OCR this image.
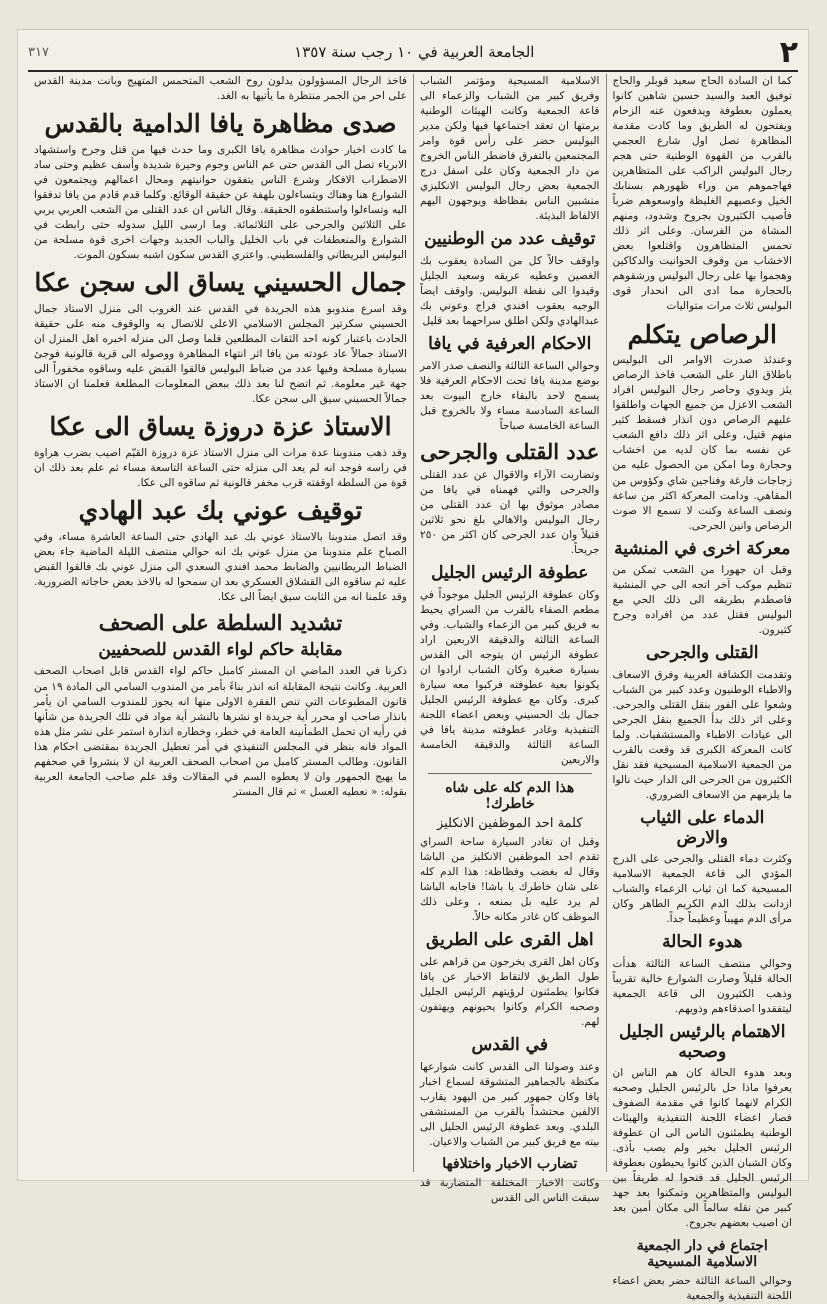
٢
الجامعة العربية في ١٠ رجب سنة ١٣٥٧
٣١٧

كما ان السادة الحاج سعيد قوبلر والحاج توفيق العبد والسيد حسين شاهين كانوا يعملون بعطوفة ويدفعون عنه الزحام ويفتحون له الطريق وما كادت مقدمة المظاهرة تصل اول شارع العجمي بالقرب من القهوة الوطنية حتى هجم رجال البوليس الراكب على المتظاهرين فهاجموهم من وراء ظهورهم بسنابك الخيل وعصيهم الغليظة واوسعوهم ضرباً فأصيب الكثيرون بجروح وشدود، ومنهم المشاة من الفرسان. وعلى اثر ذلك تحمس المتظاهرون واقتلعوا بعض الاخشاب من وقوف الحوانيت والدكاكين وهجموا بها على رجال البوليس ورشقوهم بالحجارة مما ادى الى انحدار قوى البوليس ثلاث مرات متواليات

الرصاص يتكلم

وعندئذ صدرت الاوامر الى البوليس باطلاق النار على الشعب فاخذ الرصاص يئز ويدوي وحاصر رجال البوليس افراد الشعب الاعزل من جميع الجهات واطلقوا عليهم الرصاص دون انذار فسقط كثير منهم قتيل، وعلى اثر ذلك دافع الشعب عن نفسه بما كان لديه من اخشاب وحجارة وما امكن من الحصول عليه من زجاجات فارغة وفناجين شاي وكؤوس من المقاهي. ودامت المعركة اكثر من ساعة ونصف الساعة وكنت لا تسمع الا صوت الرصاص وانين الجرحى.

معركة اخرى في المنشية

وقبل ان جهورا من الشعب تمكن من تنظيم موكب آخر اتجه الى حي المنشية فاصطدم بطريقه الى ذلك الحي مع البوليس فقتل عدد من افراده وجرح كثيرون.

القتلى والجرحى

وتقدمت الكشافة العربية وفرق الاسعاف والاطباء الوطنيون وعدد كبير من الشباب وشعوا على الفور بنقل القتلى والجرحى. وعلى اثر ذلك بدأ الجميع بنقل الجرحى الى عيادات الاطباء والمستشفيات. ولما كانت المعركة الكبرى قد وقعت بالقرب من الجمعية الاسلامية المسيحية فقد نقل الكثيرون من الجرحى الى الدار حيث نالوا ما يلزمهم من الاسعاف الضروري.

الدماء على الثياب والارض

وكثرت دماء القتلى والجرحى على الدرج المؤدي الى قاعة الجمعية الاسلامية المسيحية كما ان ثياب الزعماء والشباب ازدانت بذلك الدم الكريم الطاهر وكان مرأى الدم مهيباً وعظيماً جداً.

هدوء الحالة

وحوالي منتصف الساعة الثالثة هدأت الحالة قليلاً وصارت الشوارع خالية تقريباً وذهب الكثيرون الى قاعة الجمعية ليتفقدوا اصدقاءهم وذويهم.

الاهتمام بالرئيس الجليل وصحبه

وبعد هدوء الحالة كان هم الناس ان يعرفوا ماذا حل بالرئيس الجليل وصحبه الكرام لانهما كانوا في مقدمة الصفوف فصار اعضاء اللجنة التنفيذية والهيئات الوطنية يطمئنون الناس الى ان عطوفة الرئيس الجليل بخير ولم يصب بأذى. وكان الشبان الذين كانوا يحيطون بعطوفة الرئيس الجليل قد فتحوا له طريقاً بين البوليس والمتظاهرين وتمكنوا بعد جهد كبير من نقله سالماً الى مكان أمين بعد ان اصيب بعضهم بجروح.

اجتماع في دار الجمعية الاسلامية المسيحية

وحوالي الساعة الثالثة حضر بعض اعضاء اللجنة التنفيذية والجمعية

الاسلامية المسيحية ومؤتمر الشباب وفريق كبير من الشباب والزعماء الى قاعة الجمعية وكانت الهيئات الوطنية برمتها ان تعقد اجتماعها فيها ولكن مدير البوليس حضر على رأس قوة وامر المجتمعين بالتفرق فاضطر الناس الخروج من دار الجمعية وكان على اسفل درج الجمعية بعض رجال البوليس الانكليزي منشبين الناس بفظاظة ويوجهون اليهم الالفاظ البذيئة.

توقيف عدد من الوطنيين

واوقف حالاً كل من السادة يعقوب بك الغصين وعطيه عريقه وسعيد الجليل وقيدوا الى نقطة البوليس. واوقف ايضاً الوجيه يعقوب افندي فراج وعوني بك عبدالهادي ولكن اطلق سراحهما بعد قليل

الاحكام العرفية في يافا

وحوالي الساعة الثالثة والنصف صدر الامر بوضع مدينة يافا تحت الاحكام العرفية فلا يسمح لاحد بالبقاء خارج البيوت بعد الساعة السادسة مساء ولا بالخروج قبل الساعة الخامسة صباحاً

عدد القتلى والجرحى

وتضاربت الآراء والاقوال عن عدد القتلى والجرحى والتي فهمناه في يافا من مصادر موثوق بها ان عدد القتلى من رجال البوليس والاهالي بلغ نحو ثلاثين قتيلاً وان عدد الجرحى كان اكثر من ٢٥٠ جريحاً.

عطوفة الرئيس الجليل

وكان عطوفة الرئيس الجليل موجوداً في مطعم الصفاء بالقرب من السراي يحيط به فريق كبير من الزعماء والشباب. وفي الساعة الثالثة والدقيقة الاربعين اراد عطوفة الرئيس ان يتوجه الى القدس بسيارة صغيرة وكان الشباب ارادوا ان يكونوا بعية عطوفته فركبوا معه سيارة كبرى. وكان مع عطوفة الرئيس الجليل جمال بك الحسيني وبعض اعضاء اللجنة التنفيذية وغادر عطوفته مدينة يافا في الساعة الثالثة والدقيقة الخامسة والاربعين

هذا الدم كله على شاه خاطرك!
كلمة احد الموظفين الانكليز

وقبل ان تغادر السيارة ساحة السراي تقدم احد الموظفين الانكليز من الباشا وقال له بغضب وفظاظة: هذا الدم كله على شان خاطرك يا باشا! فاجابه الباشا لم يرد عليه بل بمنعه ، وعلى ذلك الموظف كان غادر مكانه حالاً.

اهل القرى على الطريق

وكان اهل القرى يخرجون من قراهم على طول الطريق لالتقاط الاخبار عن يافا فكانوا يطمئنون لرؤيتهم الرئيس الجليل وصحبه الكرام وكانوا يحيونهم ويهتفون لهم.

في القدس

وعند وصولنا الى القدس كانت شوارعها مكتظة بالجماهير المتشوقة لسماع اخبار يافا وكان جمهور كبير من اليهود يقارب الالفين محتشداً بالقرب من المستشفى البلدي. وبعد عطوفة الرئيس الجليل الى بيته مع فريق كبير من الشباب والاعيان.

تضارب الاخبار واختلافها

وكانت الاخبار المختلفة المتضاربة قد سبقت الناس الى القدس

فاخذ الرجال المسؤولون يدلون روح الشعب المتحمس المتهيج وبانت مدينة القدس على احر من الجمر منتظرة ما يأتيها به الغد.

صدى مظاهرة يافا الدامية بالقدس

ما كادت اخبار حوادث مظاهرة يافا الكبرى وما حدث فيها من قتل وجرح واستشهاد الابرياء تصل الى القدس حتى عم الناس وجوم وحيرة شديدة وأسف عظيم وحتى ساد الاضطراب الافكار وشرع الناس يتفقون حوانيتهم ومحال اعمالهم ويجتمعون في الشوارع هنا وهناك ويتساءلون بلهفة عن حقيقة الوقائع. وكلما قدم قادم من يافا تدفقوا اليه وتساءلوا واستنطقوه الحقيقة. وقال الناس ان عدد القتلى من الشعب العربي يربي على الثلاثين والجرحى على الثلاثمائة. وما ارسى الليل سدوله حتى رابطت في الشوارع والمنعطفات في باب الخليل والباب الجديد وجهات اخرى قوة مسلحة من البوليس البريطاني والفلسطيني. واعتري القدس سكون اشبه بسكون الموت.

جمال الحسيني يساق الى سجن عكا

وقد اسرع مندوبو هذه الجريدة في القدس عند الغروب الى منزل الاستاذ جمال الحسيني سكرتير المجلس الاسلامي الاعلى للاتصال به والوقوف منه على حقيقة الحادث باعتبار كونه احد الثقات المطلعين فلما وصل الى منزله اخبره اهل المنزل ان الاستاذ جمالاً عاد عودته من يافا اثر انتهاء المظاهرة ووصوله الى قرية قالونية فوجئ بسيارة مسلحة وفيها عدد من ضباط البوليس فالقوا القبض عليه وساقوه مخفوراً الى جهة غير معلومة. ثم اتضح لنا بعد ذلك ببعض المعلومات المطلعة فعلمنا ان الاستاذ جمالاً الحسيني سيق الى سجن عكا.

الاستاذ عزة دروزة يساق الى عكا

وقد ذهب مندوبنا عدة مرات الى منزل الاستاذ عزة دروزة القيّم اصيب بضرب هراوة في راسه فوجد انه لم يعد الى منزله حتى الساعة التاسعة مساء ثم علم بعد ذلك ان قوة من السلطة اوقفته قرب مخفر قالونية ثم ساقوه الى عكا.

توقيف عوني بك عبد الهادي

وقد اتصل مندوبنا بالاستاذ عوني بك عبد الهادي حتى الساعة العاشرة مساء، وفي الصباح علم مندوبنا من منزل عوني بك انه حوالي منتصف الليلة الماضية جاء بعض الضباط البريطانيين والضابط محمد افندي السعدي الى منزل عوني بك فالقوا القبض عليه ثم ساقوه الى القشلاق العسكري بعد ان سمحوا له بالاخذ بعض حاجاته الضرورية. وقد علمنا انه من الثابت سيق ايضاً الى عكا.

تشديد السلطة على الصحف
مقابلة حاكم لواء القدس للصحفيين

ذكرنا في العدد الماضي ان المستر كامبل حاكم لواء القدس قابل اصحاب الصحف العربية. وكانت نتيجة المقابلة انه انذر بناءً بأمر من المندوب السامي الى المادة ١٩ من قانون المطبوعات التي تنص الفقرة الاولى منها انه يجوز للمندوب السامي ان يأمر بانذار صاحب او محرر أية جريدة او نشرها بالنشر أية مواد في تلك الجريدة من شأنها في رأيه ان تحمل الطمأنينة العامة في خطر، وخطاره انذارة استمر على نشر مثل هذه المواد فانه بنظر في المجلس التنفيذي في أمر تعطيل الجريدة بمقتضى احكام هذا القانون. وطالب المستر كامبل من اصحاب الصحف العربية ان لا ينشروا في صحفهم ما يهيج الجمهور وان لا يعطوه السم في المقالات وقد علم صاحب الجامعة العربية بقوله: « نعطيه العسل » ثم قال المستر
